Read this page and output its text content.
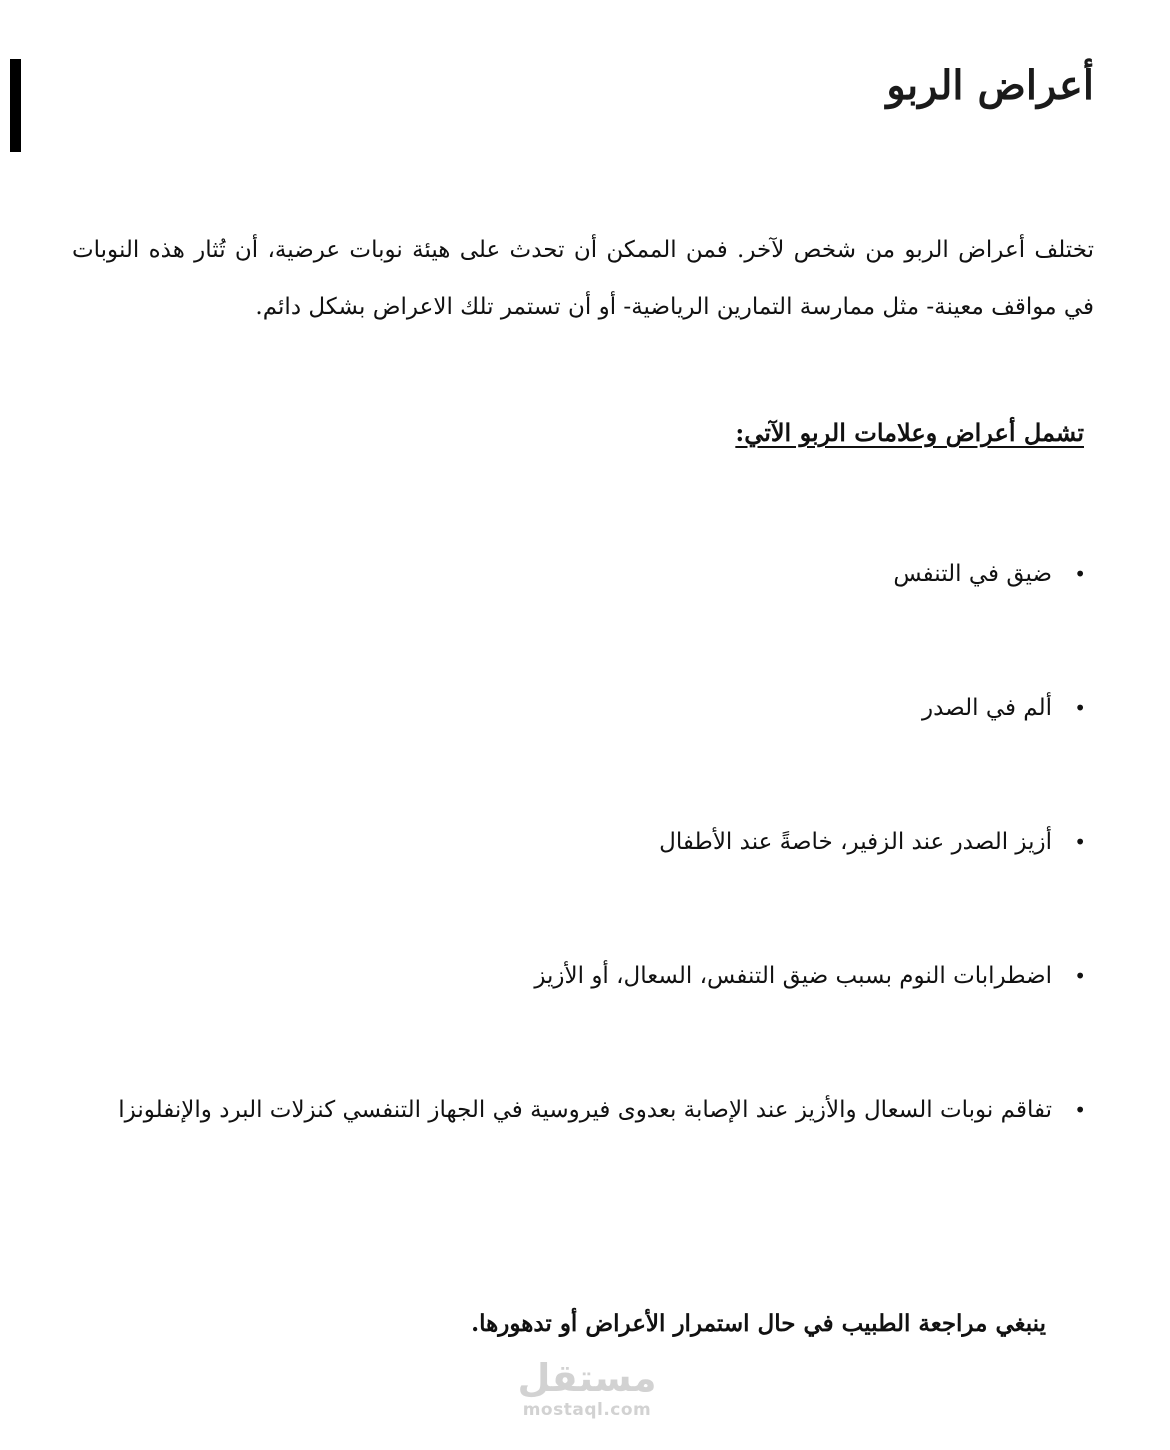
أعراض الربو

تختلف أعراض الربو من شخص لآخر. فمن الممكن أن تحدث على هيئة نوبات عرضية، أن تُثار هذه النوبات في مواقف معينة- مثل ممارسة التمارين الرياضية- أو أن تستمر تلك الاعراض بشكل دائم.

تشمل أعراض وعلامات الربو الآتي:
•
ضيق في التنفس
•
ألم في الصدر
•
أزيز الصدر عند الزفير، خاصةً عند الأطفال
•
اضطرابات النوم بسبب ضيق التنفس، السعال، أو الأزيز
•
تفاقم نوبات السعال والأزيز عند الإصابة بعدوى فيروسية في الجهاز التنفسي كنزلات البرد والإنفلونزا

ينبغي مراجعة الطبيب في حال استمرار الأعراض أو تدهورها.

مستقل
mostaql.com
